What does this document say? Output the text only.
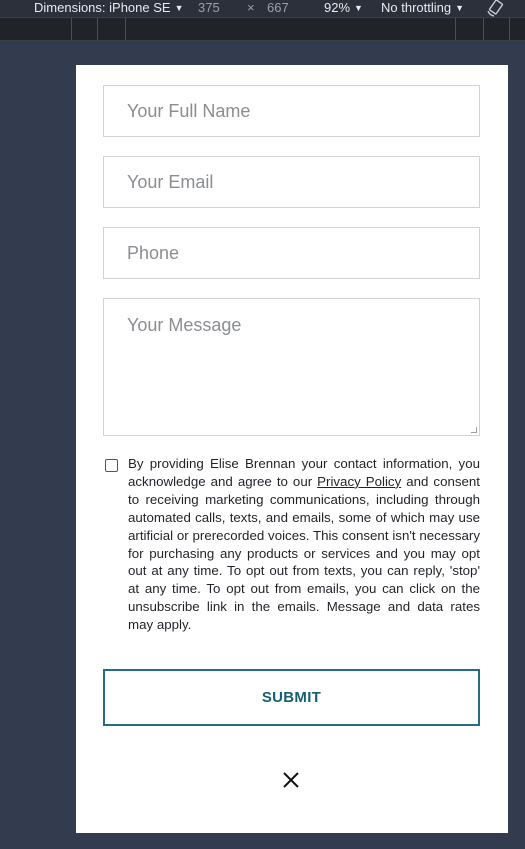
Dimensions: iPhone SE ▼ 375 × 667	92% ▼ No throttling ▼
Your Full Name
Your Email
Phone
Your Message

By providing Elise Brennan your contact information, you acknowledge and agree to our Privacy Policy and consent to receiving marketing communications, including through automated calls, texts, and emails, some of which may use artificial or prerecorded voices. This consent isn't necessary for purchasing any products or services and you may opt out at any time. To opt out from texts, you can reply, 'stop' at any time. To opt out from emails, you can click on the unsubscribe link in the emails. Message and data rates may apply.

SUBMIT
